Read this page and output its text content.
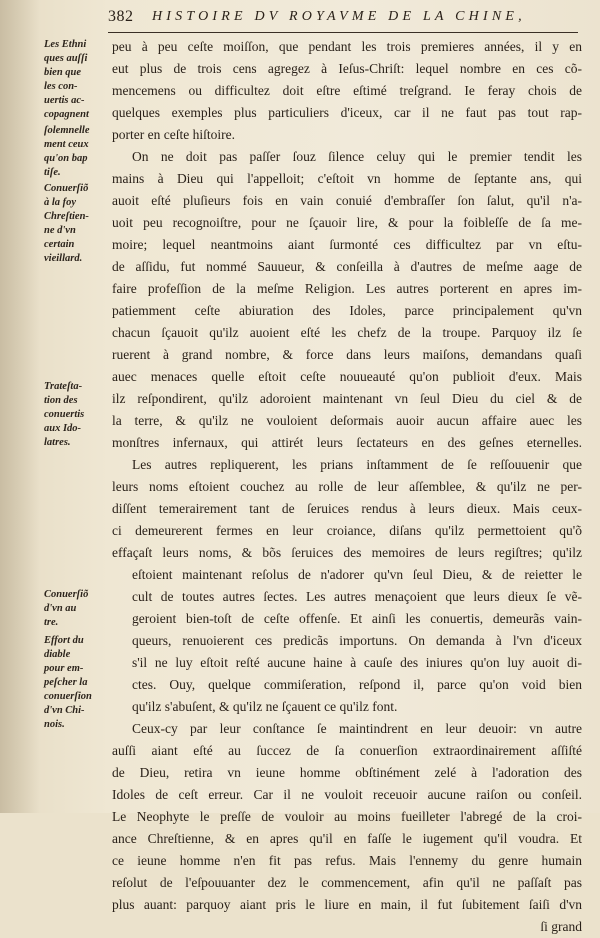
382 HISTOIRE DV ROYAVME DE LA CHINE,
Les Ethni
ques auſſi
bien que
les con-
uertis ac-
copagnent
ſolemnelle
ment ceux
qu'on bap
tiſe.
Conuerſiõ
à la foy
Chreſtien-
ne d'vn
certain
vieillard.
Trateſta-
tion des
conuertis
aux Ido-
latres.
Conuerſiõ
d'vn au
tre.
Effort du
diable
pour em-
peſcher la
conuerſion
d'vn Chi-
nois.
peu à peu ceſte moiſſon, que pendant les trois premieres années, il y en
eut plus de trois cens agregez à Ieſus-Chriſt: lequel nombre en ces cõ-
mencemens ou difficultez doit eſtre eſtimé treſgrand. Ie feray chois de
quelques exemples plus particuliers d'iceux, car il ne faut pas tout rap-
porter en ceſte hiſtoire.
On ne doit pas paſſer ſouz ſilence celuy qui le premier tendit les
mains à Dieu qui l'appelloit; c'eſtoit vn homme de ſeptante ans, qui
auoit eſté pluſieurs fois en vain conuié d'embraſſer ſon ſalut, qu'il n'a-
uoit peu recognoiſtre, pour ne ſçauoir lire, & pour la foibleſſe de ſa me-
moire; lequel neantmoins aiant ſurmonté ces difficultez par vn eſtu-
de aſſidu, fut nommé Sauueur, & conſeilla à d'autres de meſme aage de
faire profeſſion de la meſme Religion. Les autres porterent en apres im-
patiemment ceſte abiuration des Idoles, parce principalement qu'vn
chacun ſçauoit qu'ilz auoient eſté les chefz de la troupe. Parquoy ilz ſe
ruerent à grand nombre, & force dans leurs maiſons, demandans quaſi
auec menaces quelle eſtoit ceſte nouueauté qu'on publioit d'eux. Mais
ilz reſpondirent, qu'ilz adoroient maintenant vn ſeul Dieu du ciel & de
la terre, & qu'ilz ne vouloient deſormais auoir aucun affaire auec les
monſtres infernaux, qui attirét leurs ſectateurs en des geſnes eternelles.
Les autres repliquerent, les prians inſtamment de ſe reſſouuenir que
leurs noms eſtoient couchez au rolle de leur aſſemblee, & qu'ilz ne per-
diſſent temerairement tant de ſeruices rendus à leurs dieux. Mais ceux-
ci demeurerent fermes en leur croiance, diſans qu'ilz permettoient qu'õ
effaçaſt leurs noms, & bõs ſeruices des memoires de leurs regiſtres; qu'ilz
eſtoient maintenant reſolus de n'adorer qu'vn ſeul Dieu, & de reietter le
cult de toutes autres ſectes. Les autres menaçoient que leurs dieux ſe vẽ-
geroient bien-toſt de ceſte offenſe. Et ainſi les conuertis, demeurãs vain-
queurs, renuoierent ces predicãs importuns. On demanda à l'vn d'iceux
s'il ne luy eſtoit reſté aucune haine à cauſe des iniures qu'on luy auoit di-
ctes. Ouy, quelque commiſeration, reſpond il, parce qu'on void bien
qu'ilz s'abuſent, & qu'ilz ne ſçauent ce qu'ilz font.
Ceux-cy par leur conſtance ſe maintindrent en leur deuoir: vn autre
auſſi aiant eſté au ſuccez de ſa conuerſion extraordinairement aſſiſté
de Dieu, retira vn ieune homme obſtinément zelé à l'adoration des
Idoles de ceſt erreur. Car il ne vouloit receuoir aucune raiſon ou conſeil.
Le Neophyte le preſſe de vouloir au moins fueilleter l'abregé de la croi-
ance Chreſtienne, & en apres qu'il en faſſe le iugement qu'il voudra. Et
ce ieune homme n'en fit pas refus. Mais l'ennemy du genre humain
reſolut de l'eſpouuanter dez le commencement, afin qu'il ne paſſaſt pas
plus auant: parquoy aiant pris le liure en main, il fut ſubitement ſaiſi d'vn
ſi grand
